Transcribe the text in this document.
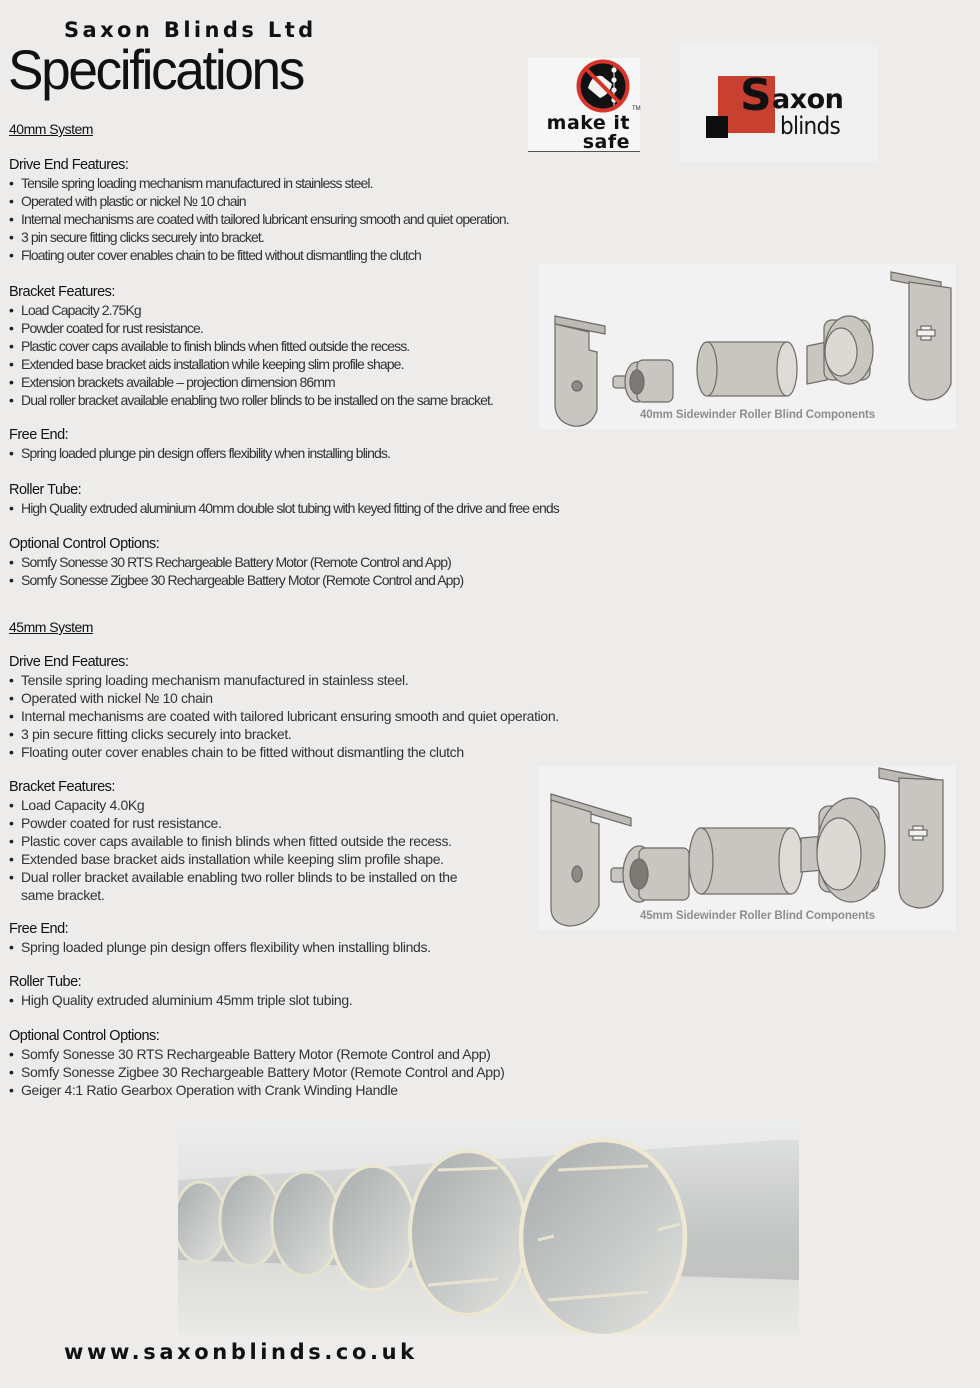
Saxon Blinds Ltd
Specifications
TM
make it
safe
S axon
blinds
40mm System
Drive End Features:
• Tensile spring loading mechanism manufactured in stainless steel.
• Operated with plastic or nickel № 10 chain
• Internal mechanisms are coated with tailored lubricant ensuring smooth and quiet operation.
• 3 pin secure fitting clicks securely into bracket.
• Floating outer cover enables chain to be fitted without dismantling the clutch
Bracket Features:
• Load Capacity 2.75Kg
• Powder coated for rust resistance.
• Plastic cover caps available to finish blinds when fitted outside the recess.
• Extended base bracket aids installation while keeping slim profile shape.
• Extension brackets available – projection dimension 86mm
• Dual roller bracket available enabling two roller blinds to be installed on the same bracket.
Free End:
• Spring loaded plunge pin design offers flexibility when installing blinds.
Roller Tube:
• High Quality extruded aluminium 40mm double slot tubing with keyed fitting of the drive and free ends
Optional Control Options:
• Somfy Sonesse 30 RTS Rechargeable Battery Motor (Remote Control and App)
• Somfy Sonesse Zigbee 30 Rechargeable Battery Motor (Remote Control and App)
40mm Sidewinder Roller Blind Components
45mm System
Drive End Features:
• Tensile spring loading mechanism manufactured in stainless steel.
• Operated with nickel № 10 chain
• Internal mechanisms are coated with tailored lubricant ensuring smooth and quiet operation.
• 3 pin secure fitting clicks securely into bracket.
• Floating outer cover enables chain to be fitted without dismantling the clutch
Bracket Features:
• Load Capacity 4.0Kg
• Powder coated for rust resistance.
• Plastic cover caps available to finish blinds when fitted outside the recess.
• Extended base bracket aids installation while keeping slim profile shape.
• Dual roller bracket available enabling two roller blinds to be installed on the same bracket.
Free End:
• Spring loaded plunge pin design offers flexibility when installing blinds.
Roller Tube:
• High Quality extruded aluminium 45mm triple slot tubing.
Optional Control Options:
• Somfy Sonesse 30 RTS Rechargeable Battery Motor (Remote Control and App)
• Somfy Sonesse Zigbee 30 Rechargeable Battery Motor (Remote Control and App)
• Geiger 4:1 Ratio Gearbox Operation with Crank Winding Handle
45mm Sidewinder Roller Blind Components
www.saxonblinds.co.uk
